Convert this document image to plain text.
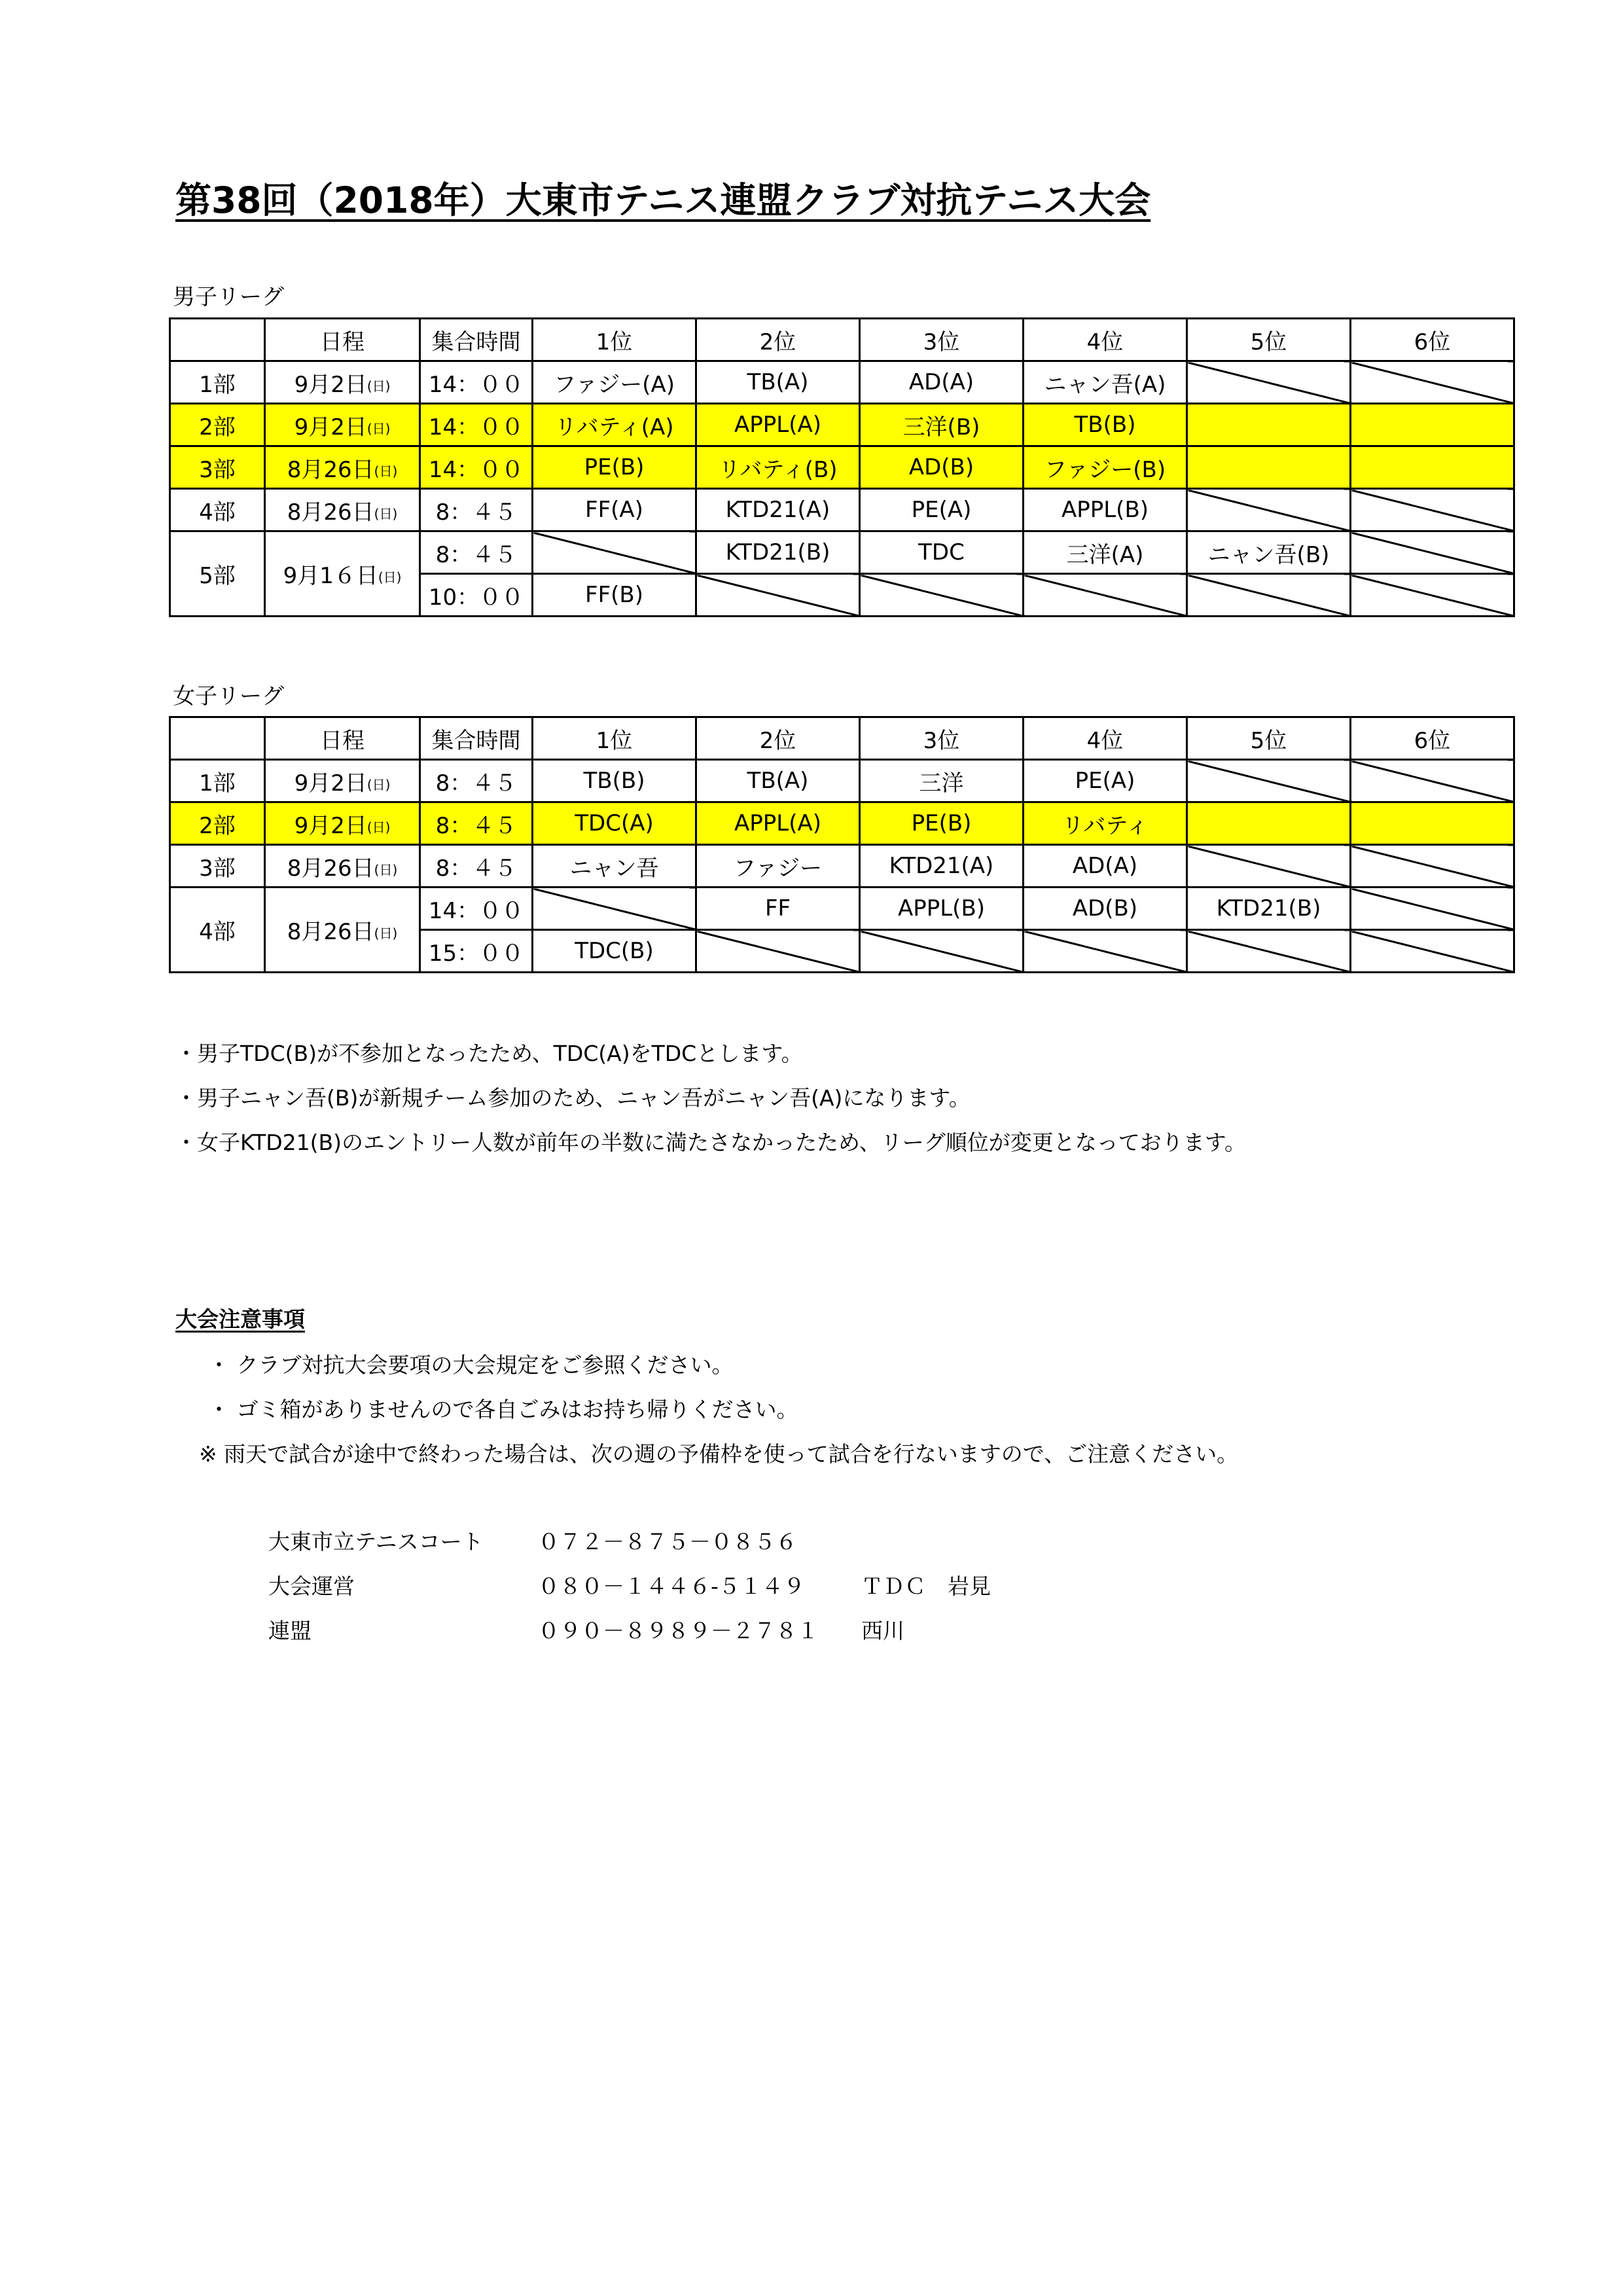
第38回（2018年）大東市テニス連盟クラブ対抗テニス大会
男子リーグ
	日程	集合時間	1位	2位	3位	4位	5位	6位
1部	9月2日(日)	14：００	ファジー(A)	TB(A)	AD(A)	ニャン吾(A)		
2部	9月2日(日)	14：００	リバティ(A)	APPL(A)	三洋(B)	TB(B)		
3部	8月26日(日)	14：００	PE(B)	リバティ(B)	AD(B)	ファジー(B)		
4部	8月26日(日)	8：４５	FF(A)	KTD21(A)	PE(A)	APPL(B)		
5部	9月1６日(日)	8：４５		KTD21(B)	TDC	三洋(A)	ニャン吾(B)	
		10：００	FF(B)					
女子リーグ
	日程	集合時間	1位	2位	3位	4位	5位	6位
1部	9月2日(日)	8：４５	TB(B)	TB(A)	三洋	PE(A)		
2部	9月2日(日)	8：４５	TDC(A)	APPL(A)	PE(B)	リバティ		
3部	8月26日(日)	8：４５	ニャン吾	ファジー	KTD21(A)	AD(A)		
4部	8月26日(日)	14：００		FF	APPL(B)	AD(B)	KTD21(B)	
		15：００	TDC(B)					
・男子TDC(B)が不参加となったため、TDC(A)をTDCとします。
・男子ニャン吾(B)が新規チーム参加のため、ニャン吾がニャン吾(A)になります。
・女子KTD21(B)のエントリー人数が前年の半数に満たさなかったため、リーグ順位が変更となっております。
大会注意事項
・ クラブ対抗大会要項の大会規定をご参照ください。
・ ゴミ箱がありませんので各自ごみはお持ち帰りください。
※ 雨天で試合が途中で終わった場合は、次の週の予備枠を使って試合を行ないますので、ご注意ください。
大東市立テニスコート	０７２－８７５－０８５６
大会運営	０８０－１４４６-５１４９	ＴＤＣ　岩見
連盟	０９０－８９８９－２７８１ 西川
